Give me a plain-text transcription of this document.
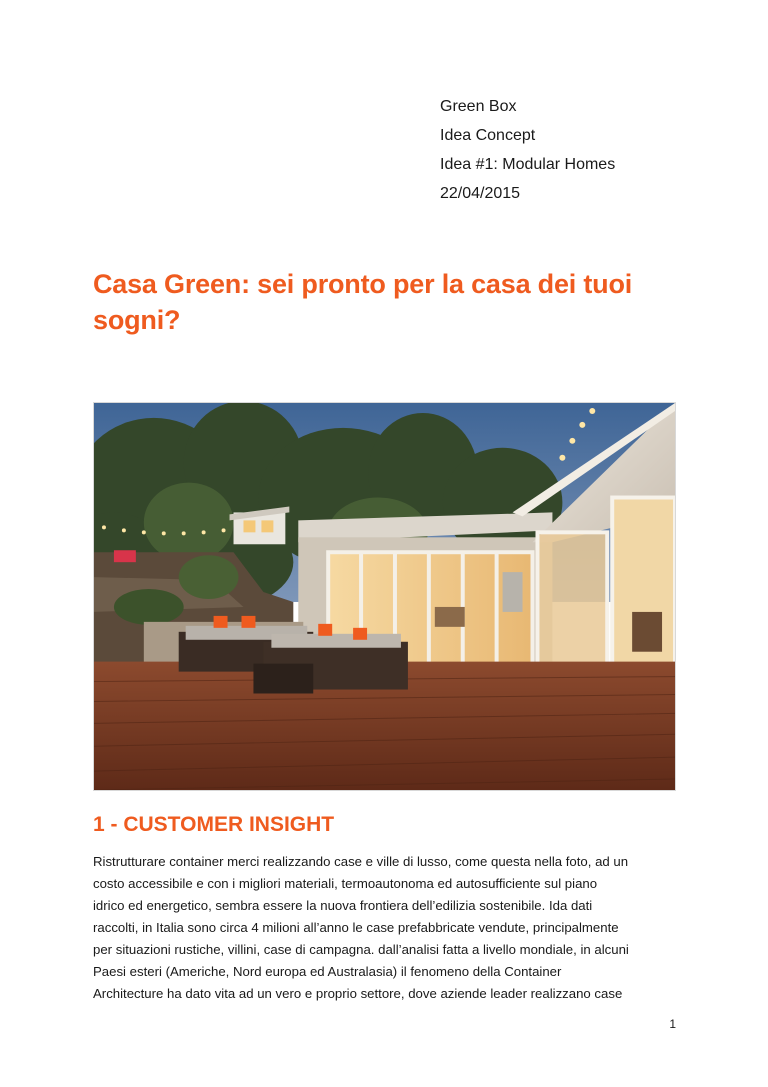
Green Box
Idea Concept
Idea #1: Modular Homes
22/04/2015
Casa Green: sei pronto per la casa dei tuoi sogni?
1 - CUSTOMER INSIGHT

Ristrutturare container merci realizzando case e ville di lusso, come questa nella foto, ad un
costo accessibile e con i migliori materiali, termoautonoma ed autosufficiente sul piano
idrico ed energetico, sembra essere la nuova frontiera dell’edilizia sostenibile. Ida dati
raccolti, in Italia sono circa 4 milioni all’anno le case prefabbricate vendute, principalmente
per situazioni rustiche, villini, case di campagna. dall’analisi fatta a livello mondiale, in alcuni
Paesi esteri (Americhe, Nord europa ed Australasia) il fenomeno della Container
Architecture ha dato vita ad un vero e proprio settore, dove aziende leader realizzano case

1
